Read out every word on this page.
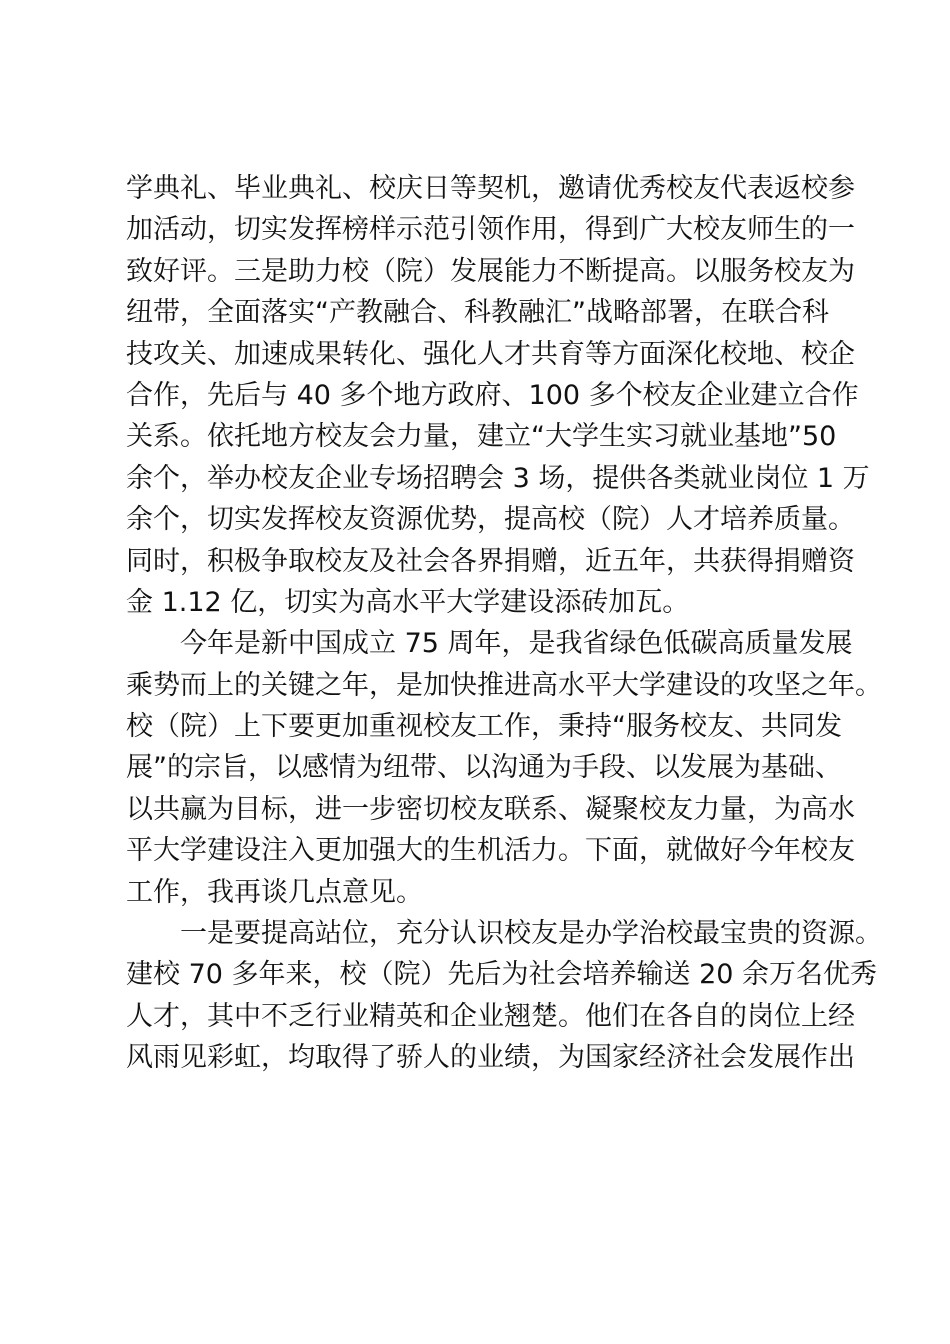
学典礼、毕业典礼、校庆日等契机，邀请优秀校友代表返校参
加活动，切实发挥榜样示范引领作用，得到广大校友师生的一
致好评。三是助力校（院）发展能力不断提高。以服务校友为
纽带，全面落实“产教融合、科教融汇”战略部署，在联合科
技攻关、加速成果转化、强化人才共育等方面深化校地、校企
合作，先后与 40 多个地方政府、100 多个校友企业建立合作
关系。依托地方校友会力量，建立“大学生实习就业基地”50
余个，举办校友企业专场招聘会 3 场，提供各类就业岗位 1 万
余个，切实发挥校友资源优势，提高校（院）人才培养质量。
同时，积极争取校友及社会各界捐赠，近五年，共获得捐赠资
金 1.12 亿，切实为高水平大学建设添砖加瓦。
今年是新中国成立 75 周年，是我省绿色低碳高质量发展
乘势而上的关键之年，是加快推进高水平大学建设的攻坚之年。
校（院）上下要更加重视校友工作，秉持“服务校友、共同发
展”的宗旨，以感情为纽带、以沟通为手段、以发展为基础、
以共赢为目标，进一步密切校友联系、凝聚校友力量，为高水
平大学建设注入更加强大的生机活力。下面，就做好今年校友
工作，我再谈几点意见。
一是要提高站位，充分认识校友是办学治校最宝贵的资源。
建校 70 多年来，校（院）先后为社会培养输送 20 余万名优秀
人才，其中不乏行业精英和企业翘楚。他们在各自的岗位上经
风雨见彩虹，均取得了骄人的业绩，为国家经济社会发展作出
